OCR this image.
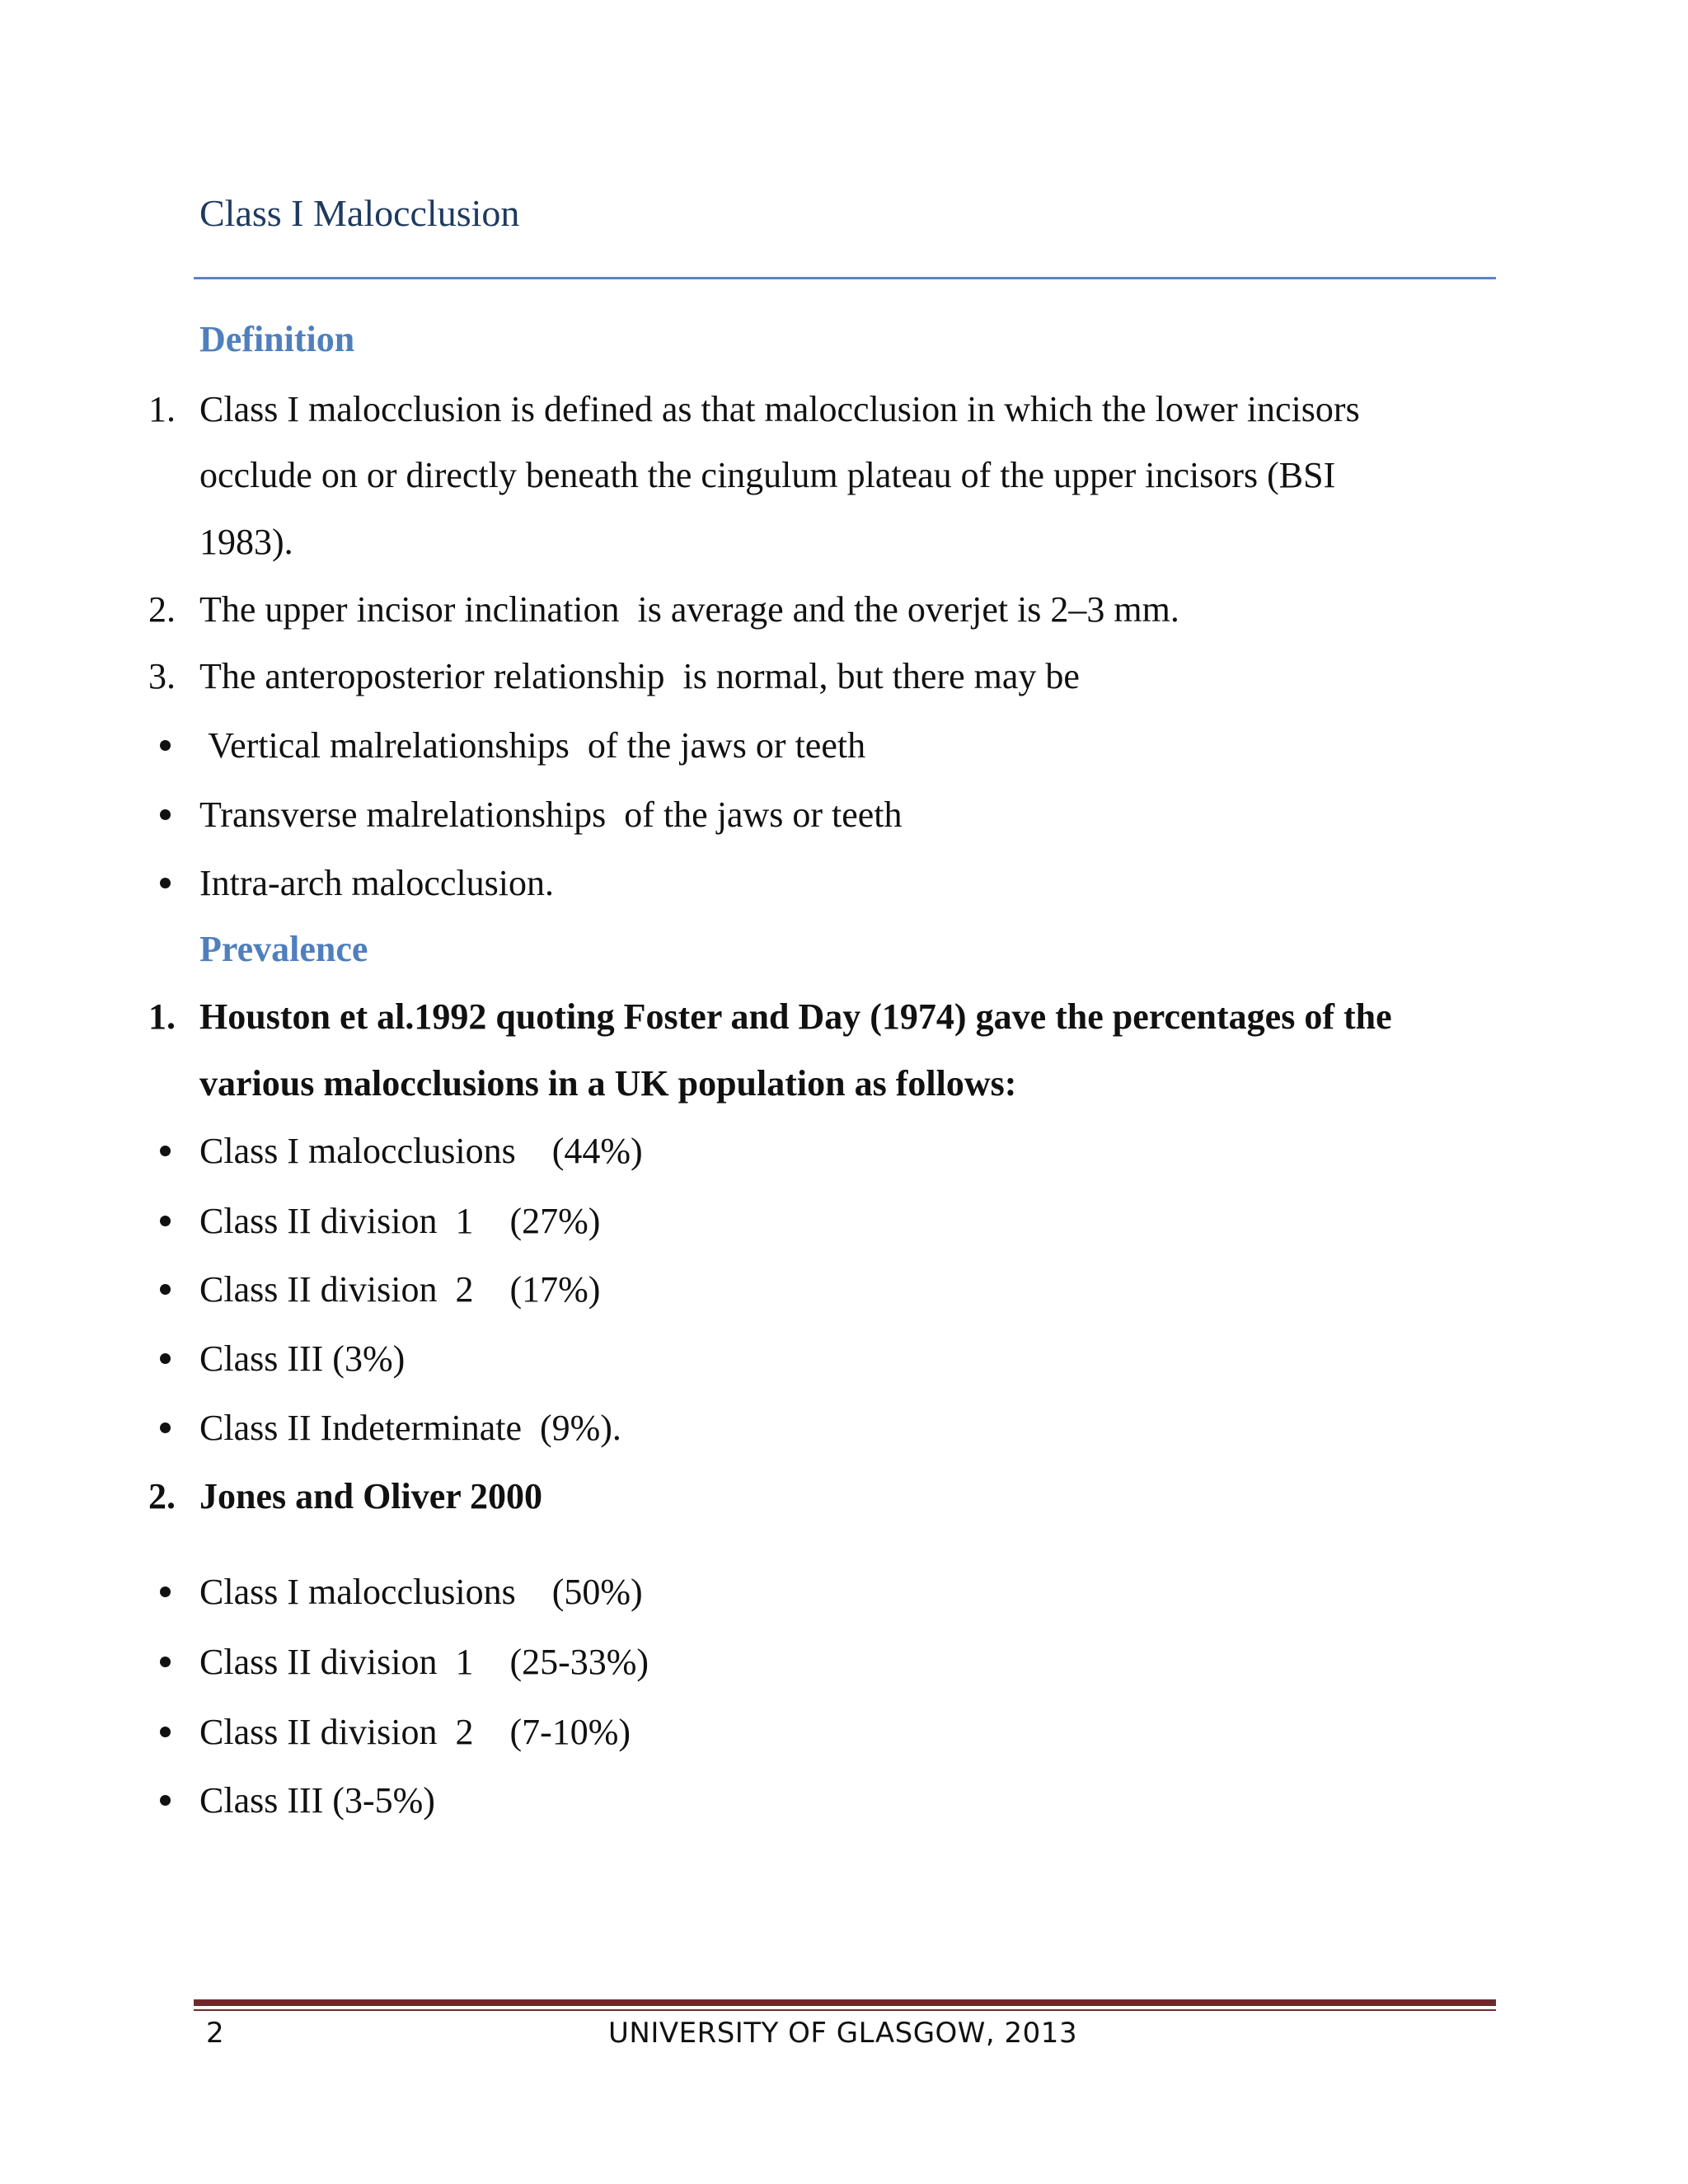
Class I Malocclusion
Definition
1. Class I malocclusion is defined as that malocclusion in which the lower incisors
occlude on or directly beneath the cingulum plateau of the upper incisors (BSI
1983).
2. The upper incisor inclination  is average and the overjet is 2–3 mm.
3. The anteroposterior relationship  is normal, but there may be
Vertical malrelationships  of the jaws or teeth
Transverse malrelationships  of the jaws or teeth
Intra-arch malocclusion.
Prevalence
1. Houston et al.1992 quoting Foster and Day (1974) gave the percentages of the
various malocclusions in a UK population as follows:
Class I malocclusions    (44%)
Class II division  1    (27%)
Class II division  2    (17%)
Class III (3%)
Class II Indeterminate  (9%).
2. Jones and Oliver 2000
Class I malocclusions    (50%)
Class II division  1    (25-33%)
Class II division  2    (7-10%)
Class III (3-5%)
2	UNIVERSITY OF GLASGOW, 2013
